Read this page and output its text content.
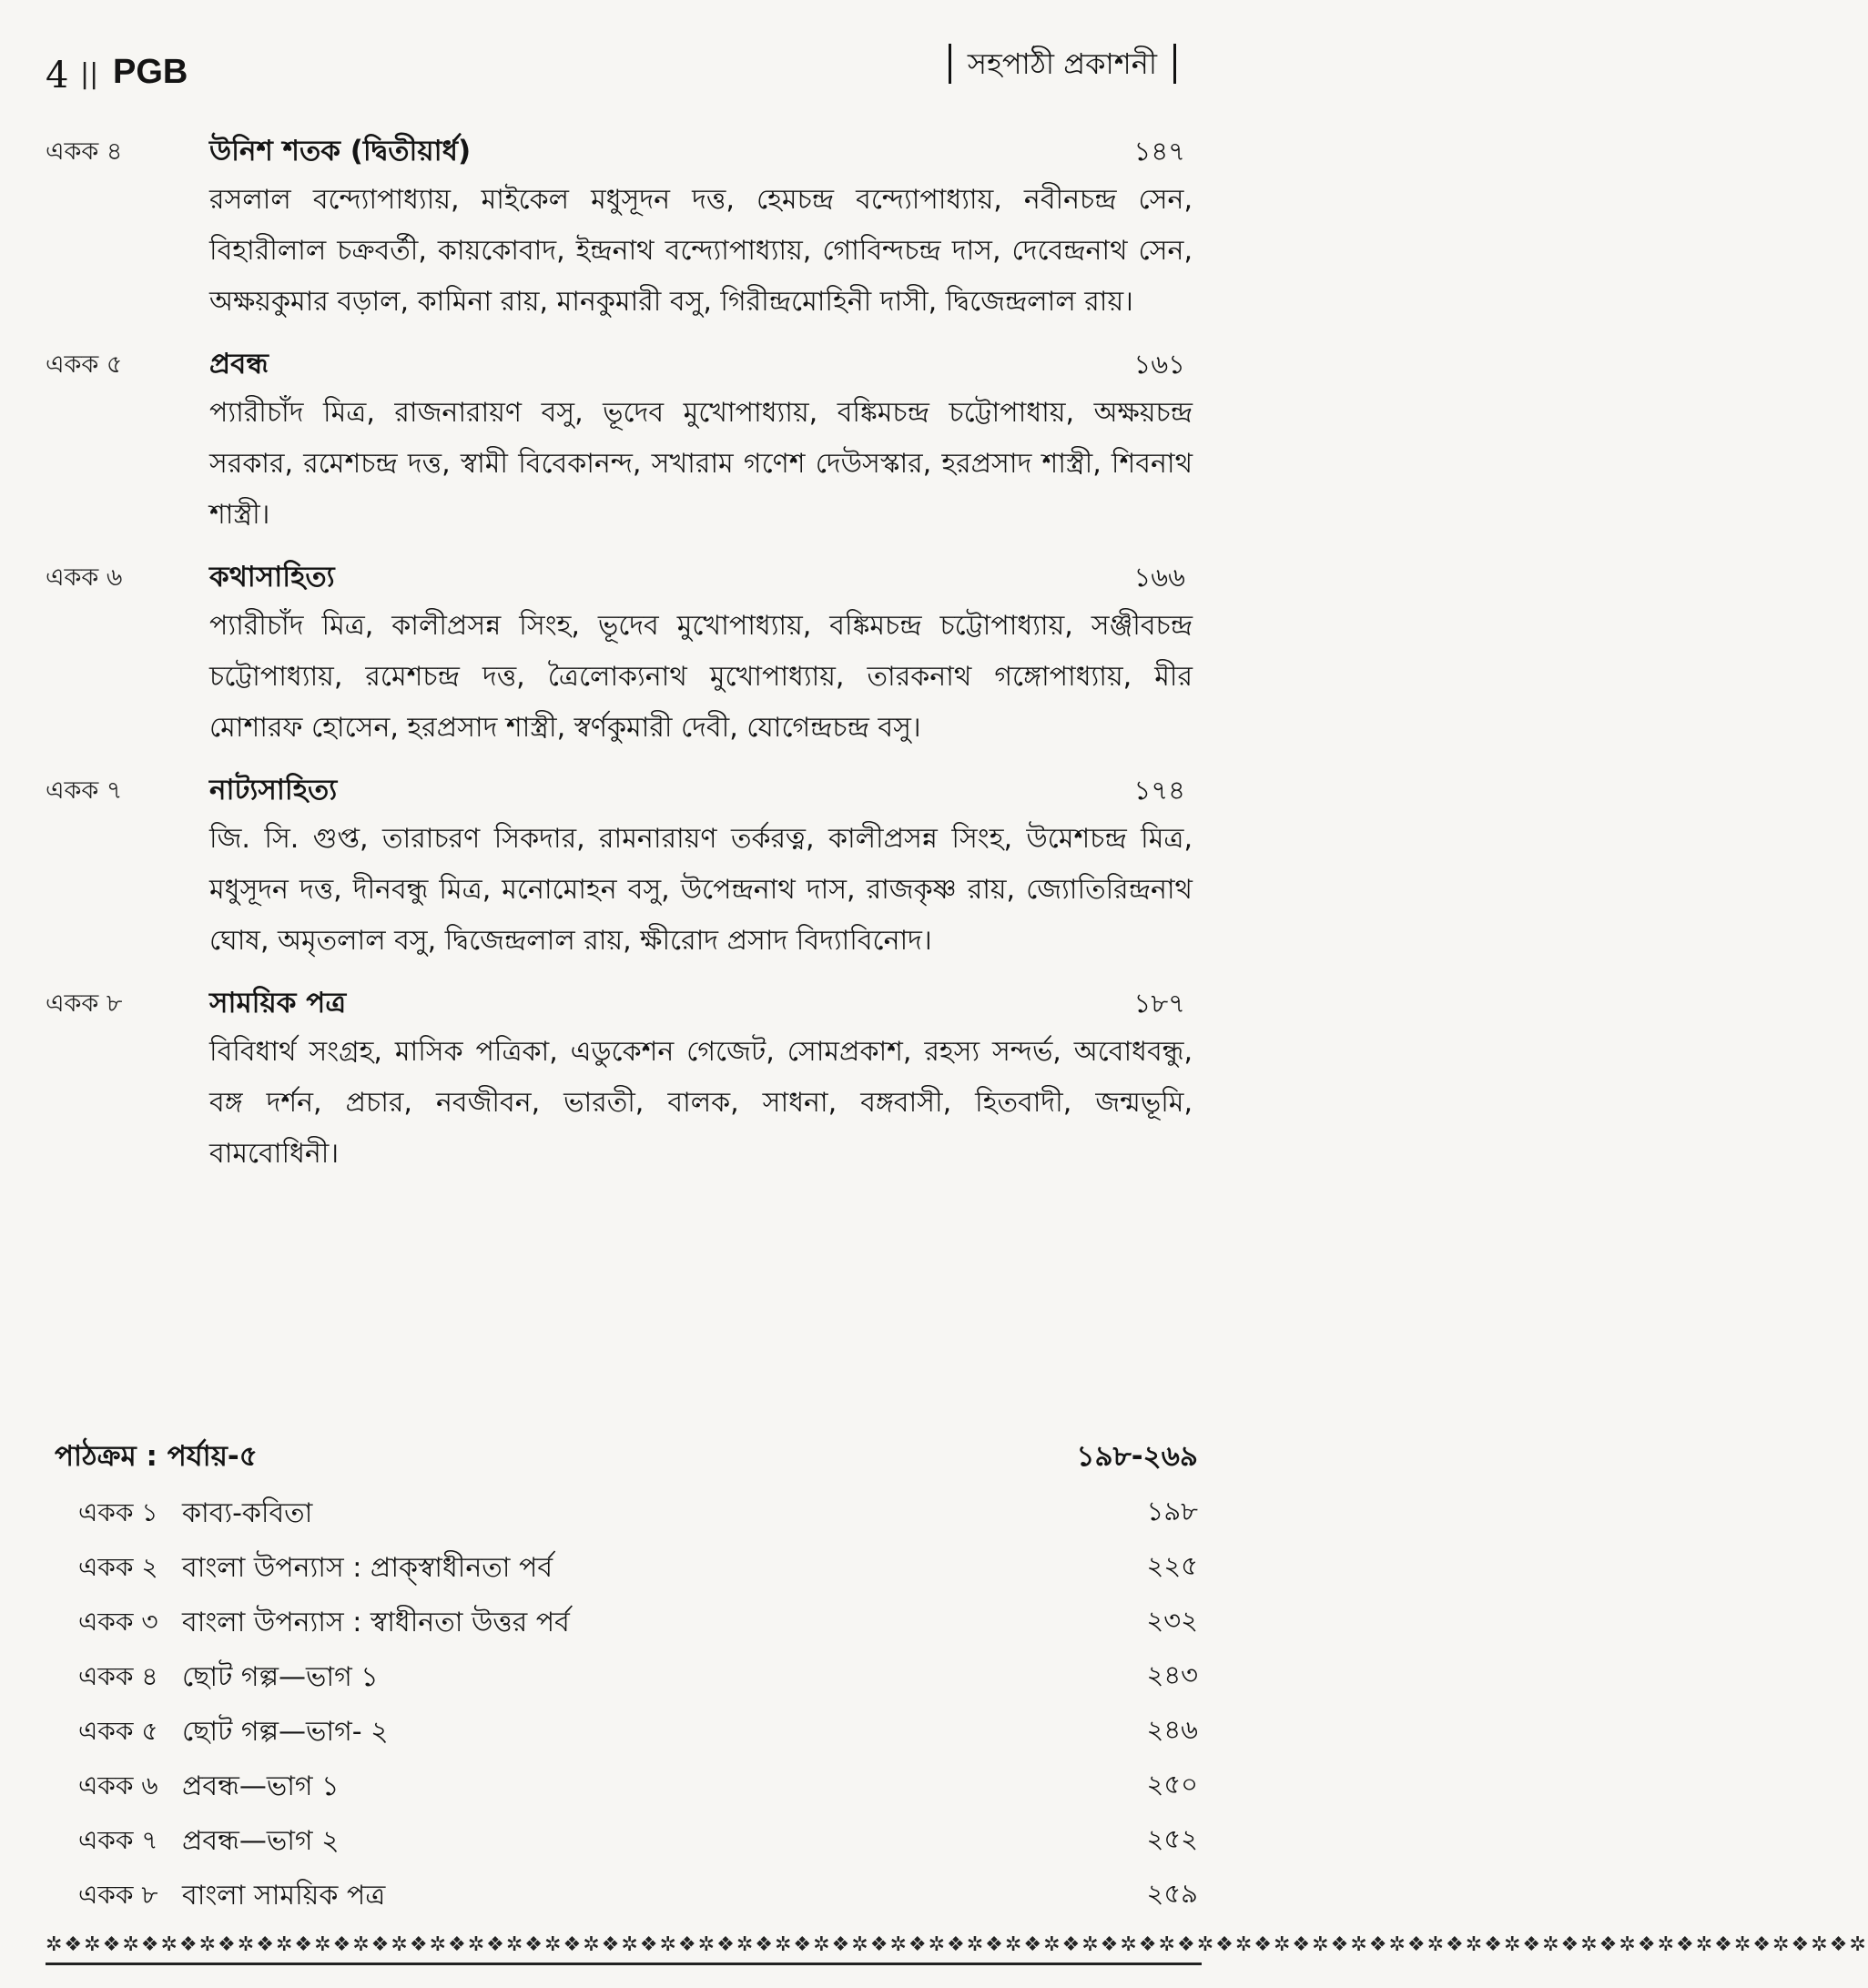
4 || PGB	সহপাঠী প্রকাশনী
একক ৪	উনিশ শতক (দ্বিতীয়ার্ধ)	১৪৭
রসলাল বন্দ্যোপাধ্যায়, মাইকেল মধুসূদন দত্ত, হেমচন্দ্র বন্দ্যোপাধ্যায়, নবীনচন্দ্র সেন, বিহারীলাল চক্রবর্তী, কায়কোবাদ, ইন্দ্রনাথ বন্দ্যোপাধ্যায়, গোবিন্দচন্দ্র দাস, দেবেন্দ্রনাথ সেন, অক্ষয়কুমার বড়াল, কামিনা রায়, মানকুমারী বসু, গিরীন্দ্রমোহিনী দাসী, দ্বিজেন্দ্রলাল রায়।
একক ৫	প্রবন্ধ	১৬১
প্যারীচাঁদ মিত্র, রাজনারায়ণ বসু, ভূদেব মুখোপাধ্যায়, বঙ্কিমচন্দ্র চট্টোপাধায়, অক্ষয়চন্দ্র সরকার, রমেশচন্দ্র দত্ত, স্বামী বিবেকানন্দ, সখারাম গণেশ দেউসস্কার, হরপ্রসাদ শাস্ত্রী, শিবনাথ শাস্ত্রী।
একক ৬	কথাসাহিত্য	১৬৬
প্যারীচাঁদ মিত্র, কালীপ্রসন্ন সিংহ, ভূদেব মুখোপাধ্যায়, বঙ্কিমচন্দ্র চট্টোপাধ্যায়, সঞ্জীবচন্দ্র চট্টোপাধ্যায়, রমেশচন্দ্র দত্ত, ত্রৈলোক্যনাথ মুখোপাধ্যায়, তারকনাথ গঙ্গোপাধ্যায়, মীর মোশারফ হোসেন, হরপ্রসাদ শাস্ত্রী, স্বর্ণকুমারী দেবী, যোগেন্দ্রচন্দ্র বসু।
একক ৭	নাট্যসাহিত্য	১৭৪
জি. সি. গুপ্ত, তারাচরণ সিকদার, রামনারায়ণ তর্করত্ন, কালীপ্রসন্ন সিংহ, উমেশচন্দ্র মিত্র, মধুসূদন দত্ত, দীনবন্ধু মিত্র, মনোমোহন বসু, উপেন্দ্রনাথ দাস, রাজকৃষ্ণ রায়, জ্যোতিরিন্দ্রনাথ ঘোষ, অমৃতলাল বসু, দ্বিজেন্দ্রলাল রায়, ক্ষীরোদ প্রসাদ বিদ্যাবিনোদ।
একক ৮	সাময়িক পত্র	১৮৭
বিবিধার্থ সংগ্রহ, মাসিক পত্রিকা, এডুকেশন গেজেট, সোমপ্রকাশ, রহস্য সন্দর্ভ, অবোধবন্ধু, বঙ্গ দর্শন, প্রচার, নবজীবন, ভারতী, বালক, সাধনা, বঙ্গবাসী, হিতবাদী, জন্মভূমি, বামবোধিনী।
পাঠক্রম : পর্যায়-৫	১৯৮-২৬৯
একক ১ কাব্য-কবিতা	১৯৮
একক ২ বাংলা উপন্যাস : প্রাক্‌স্বাধীনতা পর্ব	২২৫
একক ৩ বাংলা উপন্যাস : স্বাধীনতা উত্তর পর্ব	২৩২
একক ৪ ছোট গল্প—ভাগ ১	২৪৩
একক ৫ ছোট গল্প—ভাগ- ২	২৪৬
একক ৬ প্রবন্ধ—ভাগ ১	২৫০
একক ৭ প্রবন্ধ—ভাগ ২	২৫২
একক ৮ বাংলা সাময়িক পত্র	২৫৯
✲❖✲❖✲❖✲❖✲❖✲❖✲❖✲❖✲❖✲❖✲❖✲❖✲❖✲❖✲❖✲❖✲❖✲❖✲❖✲❖✲❖✲❖✲❖✲❖✲❖✲❖✲❖✲❖✲❖✲❖✲❖✲❖✲❖✲❖✲❖✲❖✲❖✲❖✲❖✲❖✲❖✲❖✲❖✲❖✲❖✲❖✲❖✲
